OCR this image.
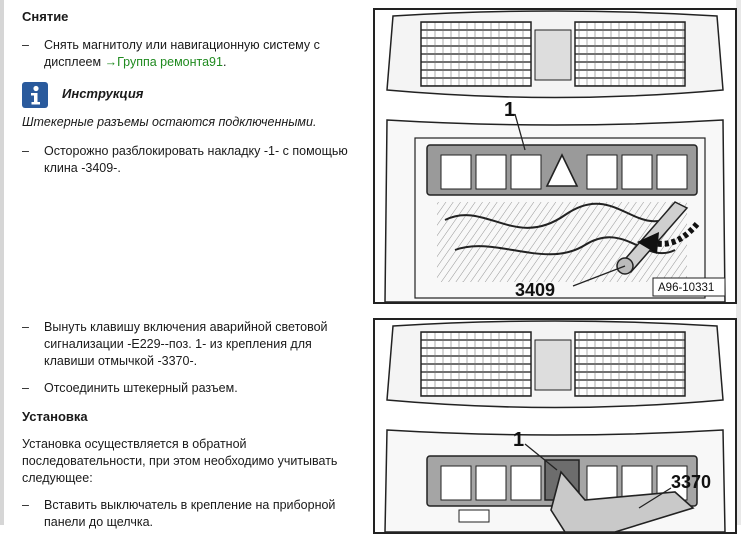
Снятие
– Снять магнитолу или навигационную систему с дисплеем →Группа ремонта91.
Инструкция
Штекерные разъемы остаются подключенными.
– Осторожно разблокировать накладку -1- с помощью
клина -3409-.
– Вынуть клавишу включения аварийной световой
сигнализации -E229--поз. 1- из крепления для
клавиши отмычкой -3370-.
– Отсоединить штекерный разъем.
Установка
Установка осуществляется в обратной
последовательности, при этом необходимо учитывать
следующее:
– Вставить выключатель в крепление на приборной
панели до щелчка.
1
3409	A96-10331
1
3370
